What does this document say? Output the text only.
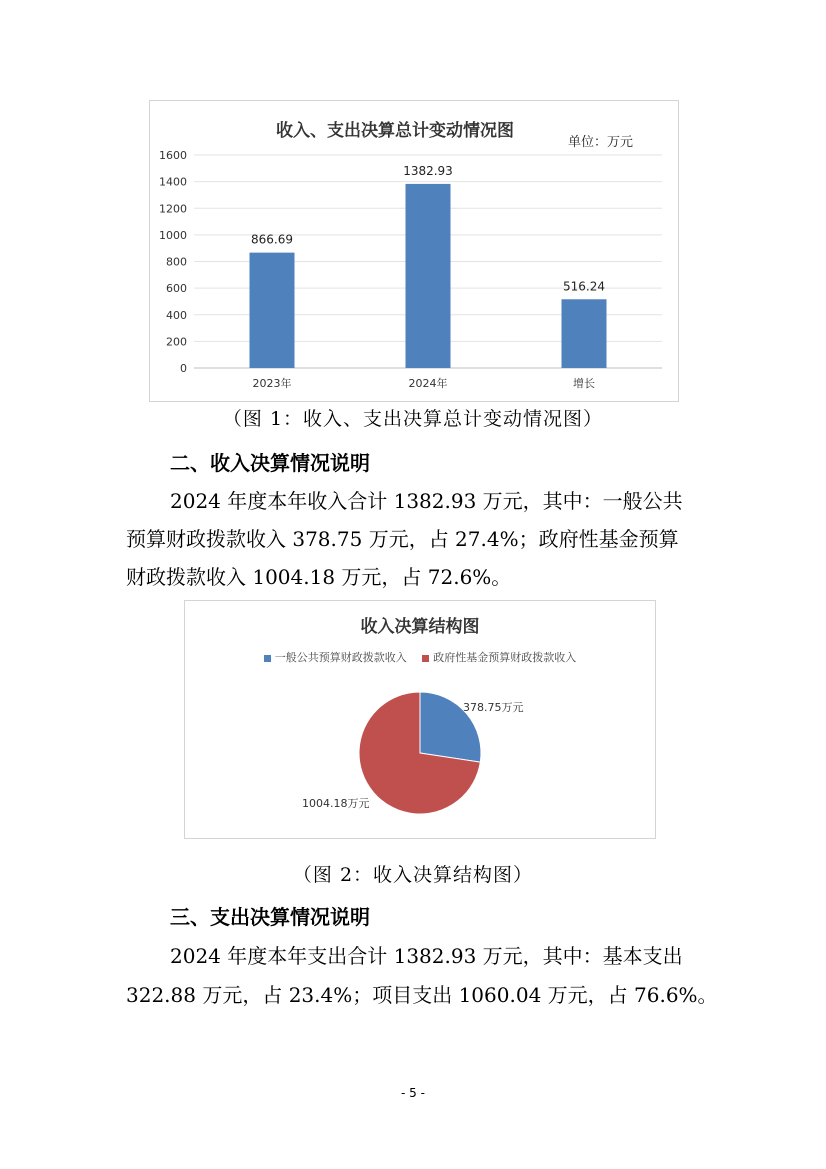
收入、支出决算总计变动情况图
单位：万元
0
200
400
600
800
1000
1200
1400
1600
866.69
2023年
1382.93
2024年
516.24
增长
（图 1：收入、支出决算总计变动情况图）
二、收入决算情况说明
2024 年度本年收入合计 1382.93 万元，其中：一般公共
预算财政拨款收入 378.75 万元，占 27.4%；政府性基金预算
财政拨款收入 1004.18 万元，占 72.6%。
收入决算结构图
一般公共预算财政拨款收入 政府性基金预算财政拨款收入
378.75万元
1004.18万元
（图 2：收入决算结构图）
三、支出决算情况说明
2024 年度本年支出合计 1382.93 万元，其中：基本支出
322.88 万元，占 23.4%；项目支出 1060.04 万元，占 76.6%。
- 5 -
